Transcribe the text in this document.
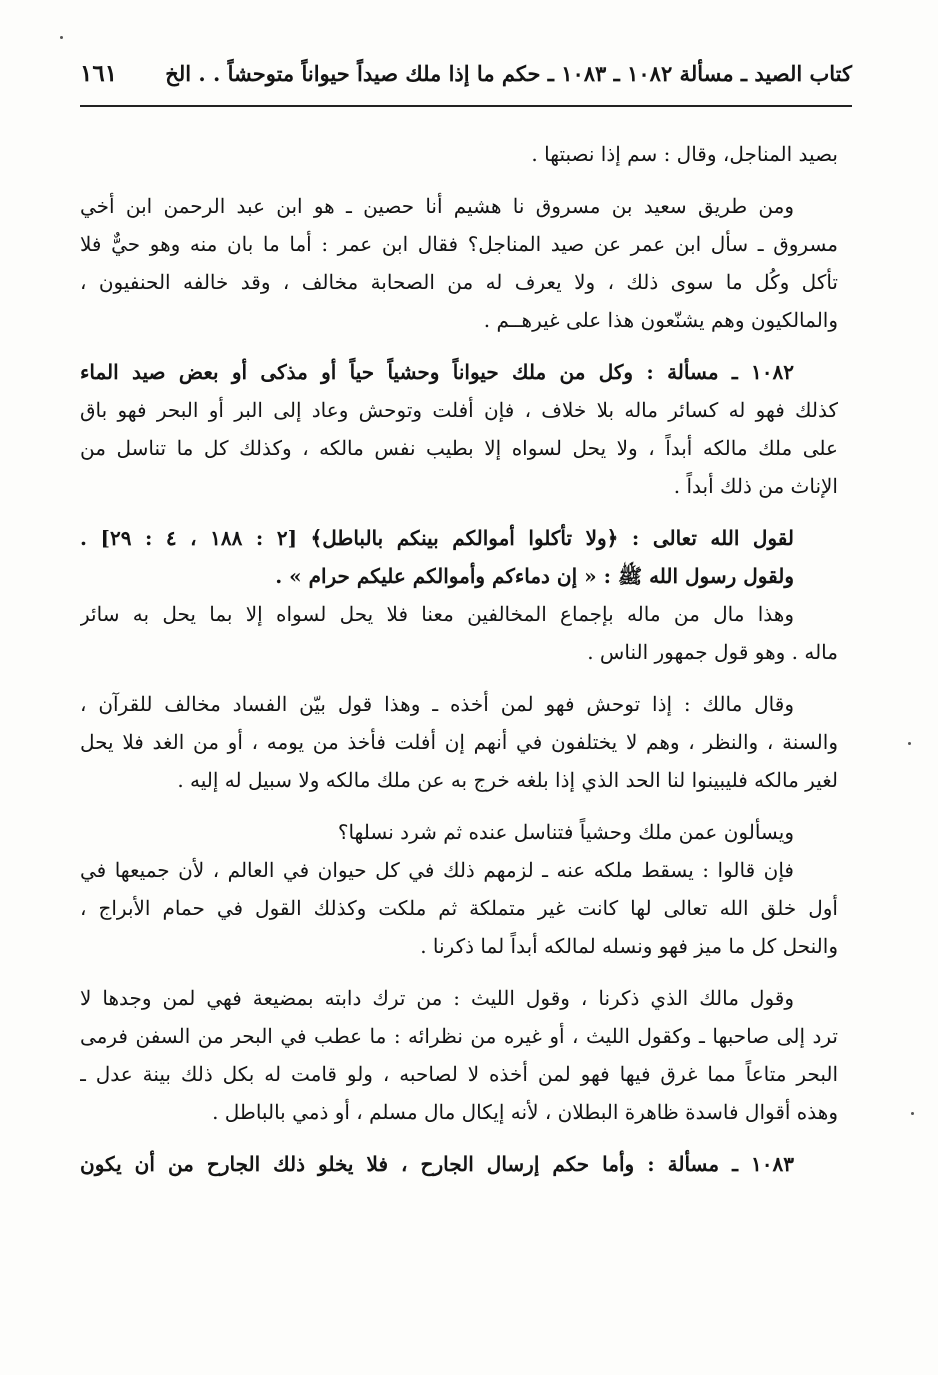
كتاب الصيد ـ مسألة ١٠٨٢ ـ ١٠٨٣ ـ حكم ما إذا ملك صيداً حيواناً متوحشاً . . الخ
١٦١
بصيد المناجل، وقال : سم إذا نصبتها .
ومن طريق سعيد بن مسروق نا هشيم أنا حصين ـ هو ابن عبد الرحمن ابن أخي
مسروق ـ سأل ابن عمر عن صيد المناجل؟ فقال ابن عمر : أما ما بان منه وهو حيٌّ فلا
تأكل وكُل ما سوى ذلك ، ولا يعرف له من الصحابة مخالف ، وقد خالفه الحنفيون ،
والمالكيون وهم يشنّعون هذا على غيرهــم .
١٠٨٢ ـ مسألة : وكل من ملك حيواناً وحشياً حياً أو مذكى أو بعض صيد الماء
كذلك فهو له كسائر ماله بلا خلاف ، فإن أفلت وتوحش وعاد إلى البر أو البحر فهو باق
على ملك مالكه أبداً ، ولا يحل لسواه إلا بطيب نفس مالكه ، وكذلك كل ما تناسل من
الإناث من ذلك أبداً .
لقول الله تعالى : ﴿ولا تأكلوا أموالكم بينكم بالباطل﴾ [٢ : ١٨٨ ، ٤ : ٢٩] .
ولقول رسول الله ﷺ : « إن دماءكم وأموالكم عليكم حرام » .
وهذا مال من ماله بإجماع المخالفين معنا فلا يحل لسواه إلا بما يحل به سائر
ماله . وهو قول جمهور الناس .
وقال مالك : إذا توحش فهو لمن أخذه ـ وهذا قول بيّن الفساد مخالف للقرآن ،
والسنة ، والنظر ، وهم لا يختلفون في أنهم إن أفلت فأخذ من يومه ، أو من الغد فلا يحل
لغير مالكه فليبينوا لنا الحد الذي إذا بلغه خرج به عن ملك مالكه ولا سبيل له إليه .
ويسألون عمن ملك وحشياً فتناسل عنده ثم شرد نسلها؟
فإن قالوا : يسقط ملكه عنه ـ لزمهم ذلك في كل حيوان في العالم ، لأن جميعها في
أول خلق الله تعالى لها كانت غير متملكة ثم ملكت وكذلك القول في حمام الأبراج ،
والنحل كل ما ميز فهو ونسله لمالكه أبداً لما ذكرنا .
وقول مالك الذي ذكرنا ، وقول الليث : من ترك دابته بمضيعة فهي لمن وجدها لا
ترد إلى صاحبها ـ وكقول الليث ، أو غيره من نظرائه : ما عطب في البحر من السفن فرمى
البحر متاعاً مما غرق فيها فهو لمن أخذه لا لصاحبه ، ولو قامت له بكل ذلك بينة عدل ـ
وهذه أقوال فاسدة ظاهرة البطلان ، لأنه إيكال مال مسلم ، أو ذمي بالباطل .
١٠٨٣ ـ مسألة : وأما حكم إرسال الجارح ، فلا يخلو ذلك الجارح من أن يكون
